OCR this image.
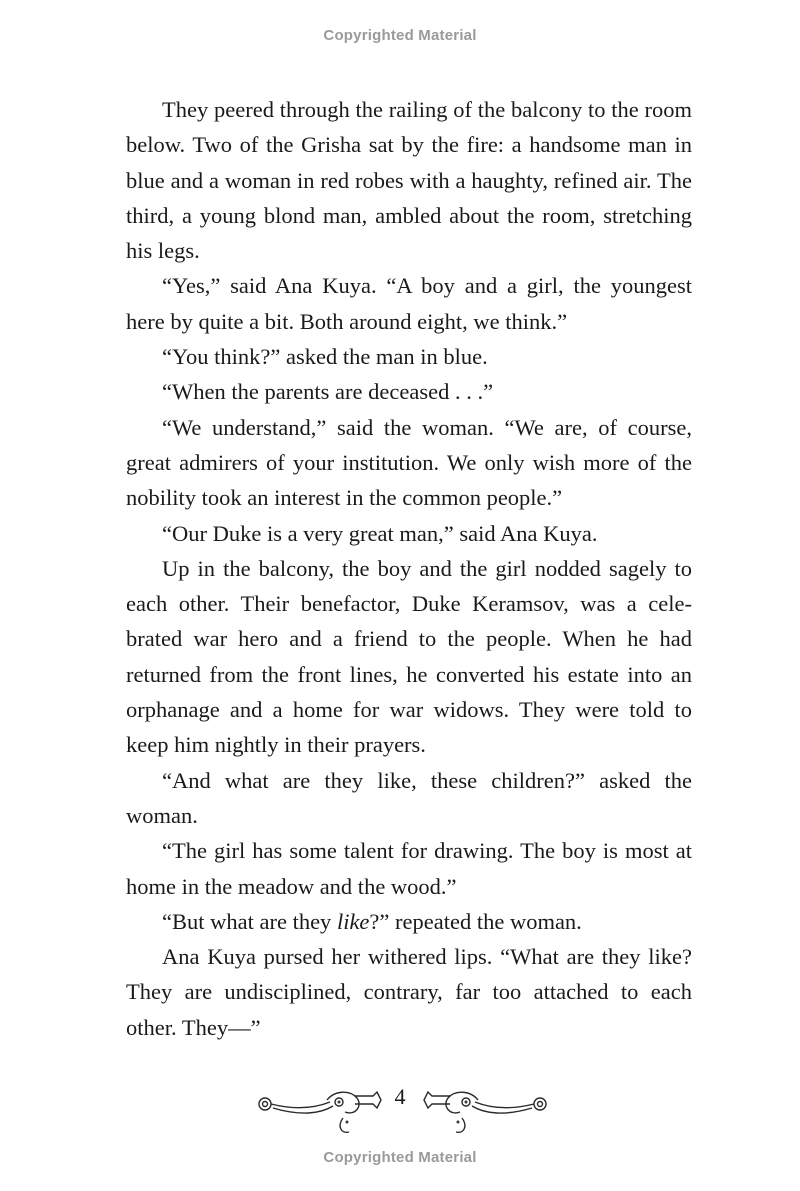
Copyrighted Material

They peered through the railing of the balcony to the room below. Two of the Grisha sat by the fire: a handsome man in blue and a woman in red robes with a haughty, refined air. The third, a young blond man, ambled about the room, stretching his legs.

“Yes,” said Ana Kuya. “A boy and a girl, the youngest here by quite a bit. Both around eight, we think.”

“You think?” asked the man in blue.

“When the parents are deceased . . .”

“We understand,” said the woman. “We are, of course, great admirers of your institution. We only wish more of the nobility took an interest in the common people.”

“Our Duke is a very great man,” said Ana Kuya.

Up in the balcony, the boy and the girl nodded sagely to each other. Their benefactor, Duke Keramsov, was a cele-brated war hero and a friend to the people. When he had returned from the front lines, he converted his estate into an orphanage and a home for war widows. They were told to keep him nightly in their prayers.

“And what are they like, these children?” asked the woman.

“The girl has some talent for drawing. The boy is most at home in the meadow and the wood.”

“But what are they like?” repeated the woman.

Ana Kuya pursed her withered lips. “What are they like? They are undisciplined, contrary, far too attached to each other. They—”

4
Copyrighted Material
